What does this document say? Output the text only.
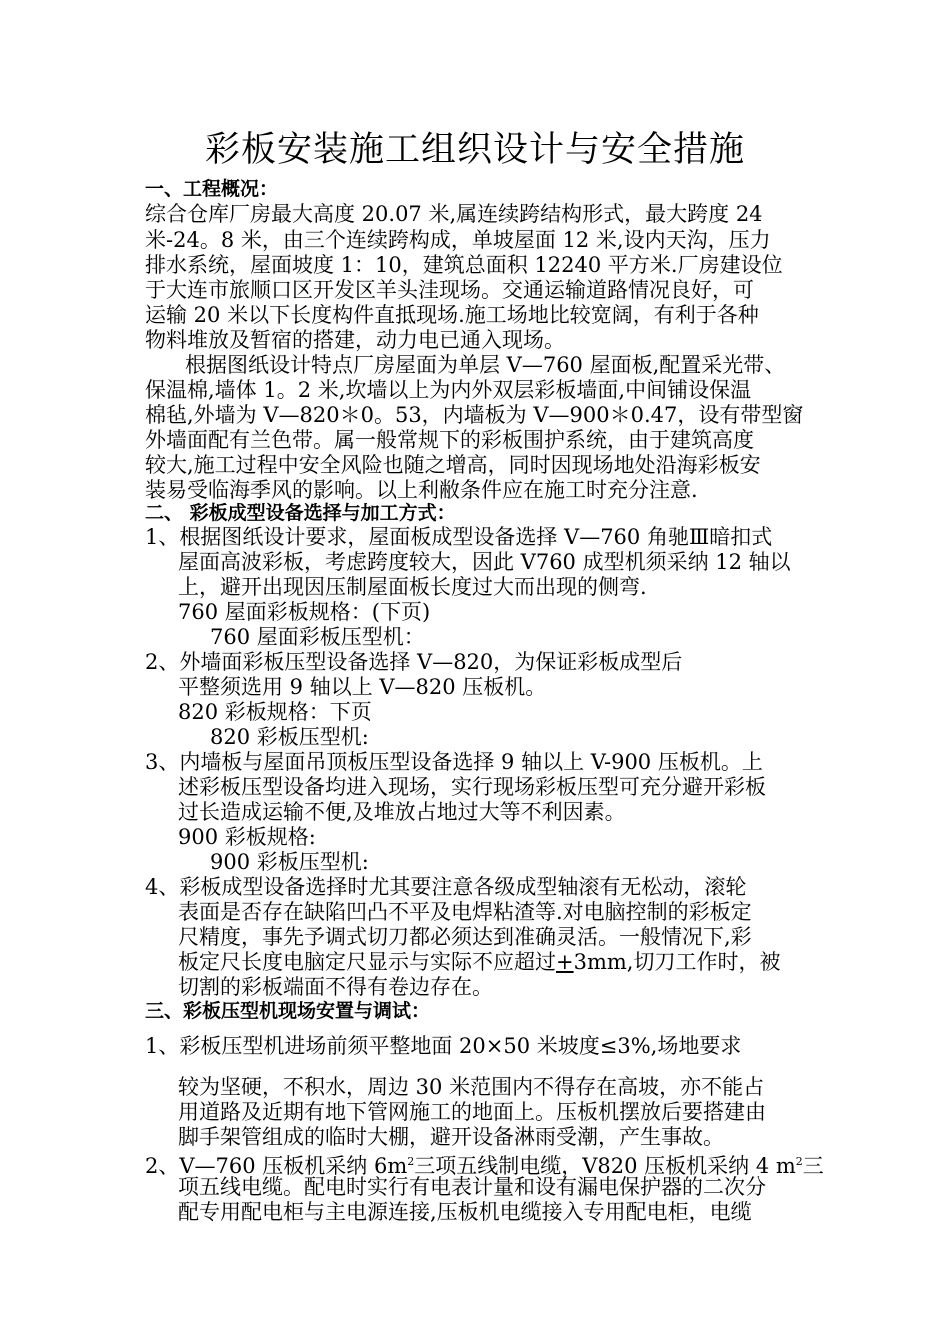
彩板安装施工组织设计与安全措施
一、工程概况：
综合仓库厂房最大高度 20.07 米,属连续跨结构形式，最大跨度 24
米-24。8 米，由三个连续跨构成，单坡屋面 12 米,设内天沟，压力
排水系统，屋面坡度 1：10，建筑总面积 12240 平方米.厂房建设位
于大连市旅顺口区开发区羊头洼现场。交通运输道路情况良好，可
运输 20 米以下长度构件直抵现场.施工场地比较宽阔，有利于各种
物料堆放及暂宿的搭建，动力电已通入现场。
根据图纸设计特点厂房屋面为单层 V—760 屋面板,配置采光带、
保温棉,墙体 1。2 米,坎墙以上为内外双层彩板墙面,中间铺设保温
棉毡,外墙为 V—820＊0。53，内墙板为 V—900＊0.47，设有带型窗
外墙面配有兰色带。属一般常规下的彩板围护系统，由于建筑高度
较大,施工过程中安全风险也随之增高，同时因现场地处沿海彩板安
装易受临海季风的影响。以上利敝条件应在施工时充分注意.
二、 彩板成型设备选择与加工方式：
1、根据图纸设计要求，屋面板成型设备选择 V—760 角驰Ⅲ暗扣式
屋面高波彩板，考虑跨度较大，因此 V760 成型机须采纳 12 轴以
上，避开出现因压制屋面板长度过大而出现的侧弯.
760 屋面彩板规格：(下页)
760 屋面彩板压型机：
2、外墙面彩板压型设备选择 V—820，为保证彩板成型后
平整须选用 9 轴以上 V—820 压板机。
820 彩板规格：下页
820 彩板压型机:
3、内墙板与屋面吊顶板压型设备选择 9 轴以上 V-900 压板机。上
述彩板压型设备均进入现场，实行现场彩板压型可充分避开彩板
过长造成运输不便,及堆放占地过大等不利因素。
900 彩板规格:
900 彩板压型机:
4、彩板成型设备选择时尤其要注意各级成型轴滚有无松动，滚轮
表面是否存在缺陷凹凸不平及电焊粘渣等.对电脑控制的彩板定
尺精度，事先予调式切刀都必须达到准确灵活。一般情况下,彩
板定尺长度电脑定尺显示与实际不应超过+3mm,切刀工作时，被
切割的彩板端面不得有卷边存在。
三、彩板压型机现场安置与调试：
1、彩板压型机进场前须平整地面 20×50 米坡度≤3%,场地要求
较为坚硬，不积水，周边 30 米范围内不得存在高坡，亦不能占
用道路及近期有地下管网施工的地面上。压板机摆放后要搭建由
脚手架管组成的临时大棚，避开设备淋雨受潮，产生事故。
2、V—760 压板机采纳 $6m^2$三项五线制电缆，V820 压板机采纳 4 $m^2$三
项五线电缆。配电时实行有电表计量和设有漏电保护器的二次分
配专用配电柜与主电源连接,压板机电缆接入专用配电柜，电缆
